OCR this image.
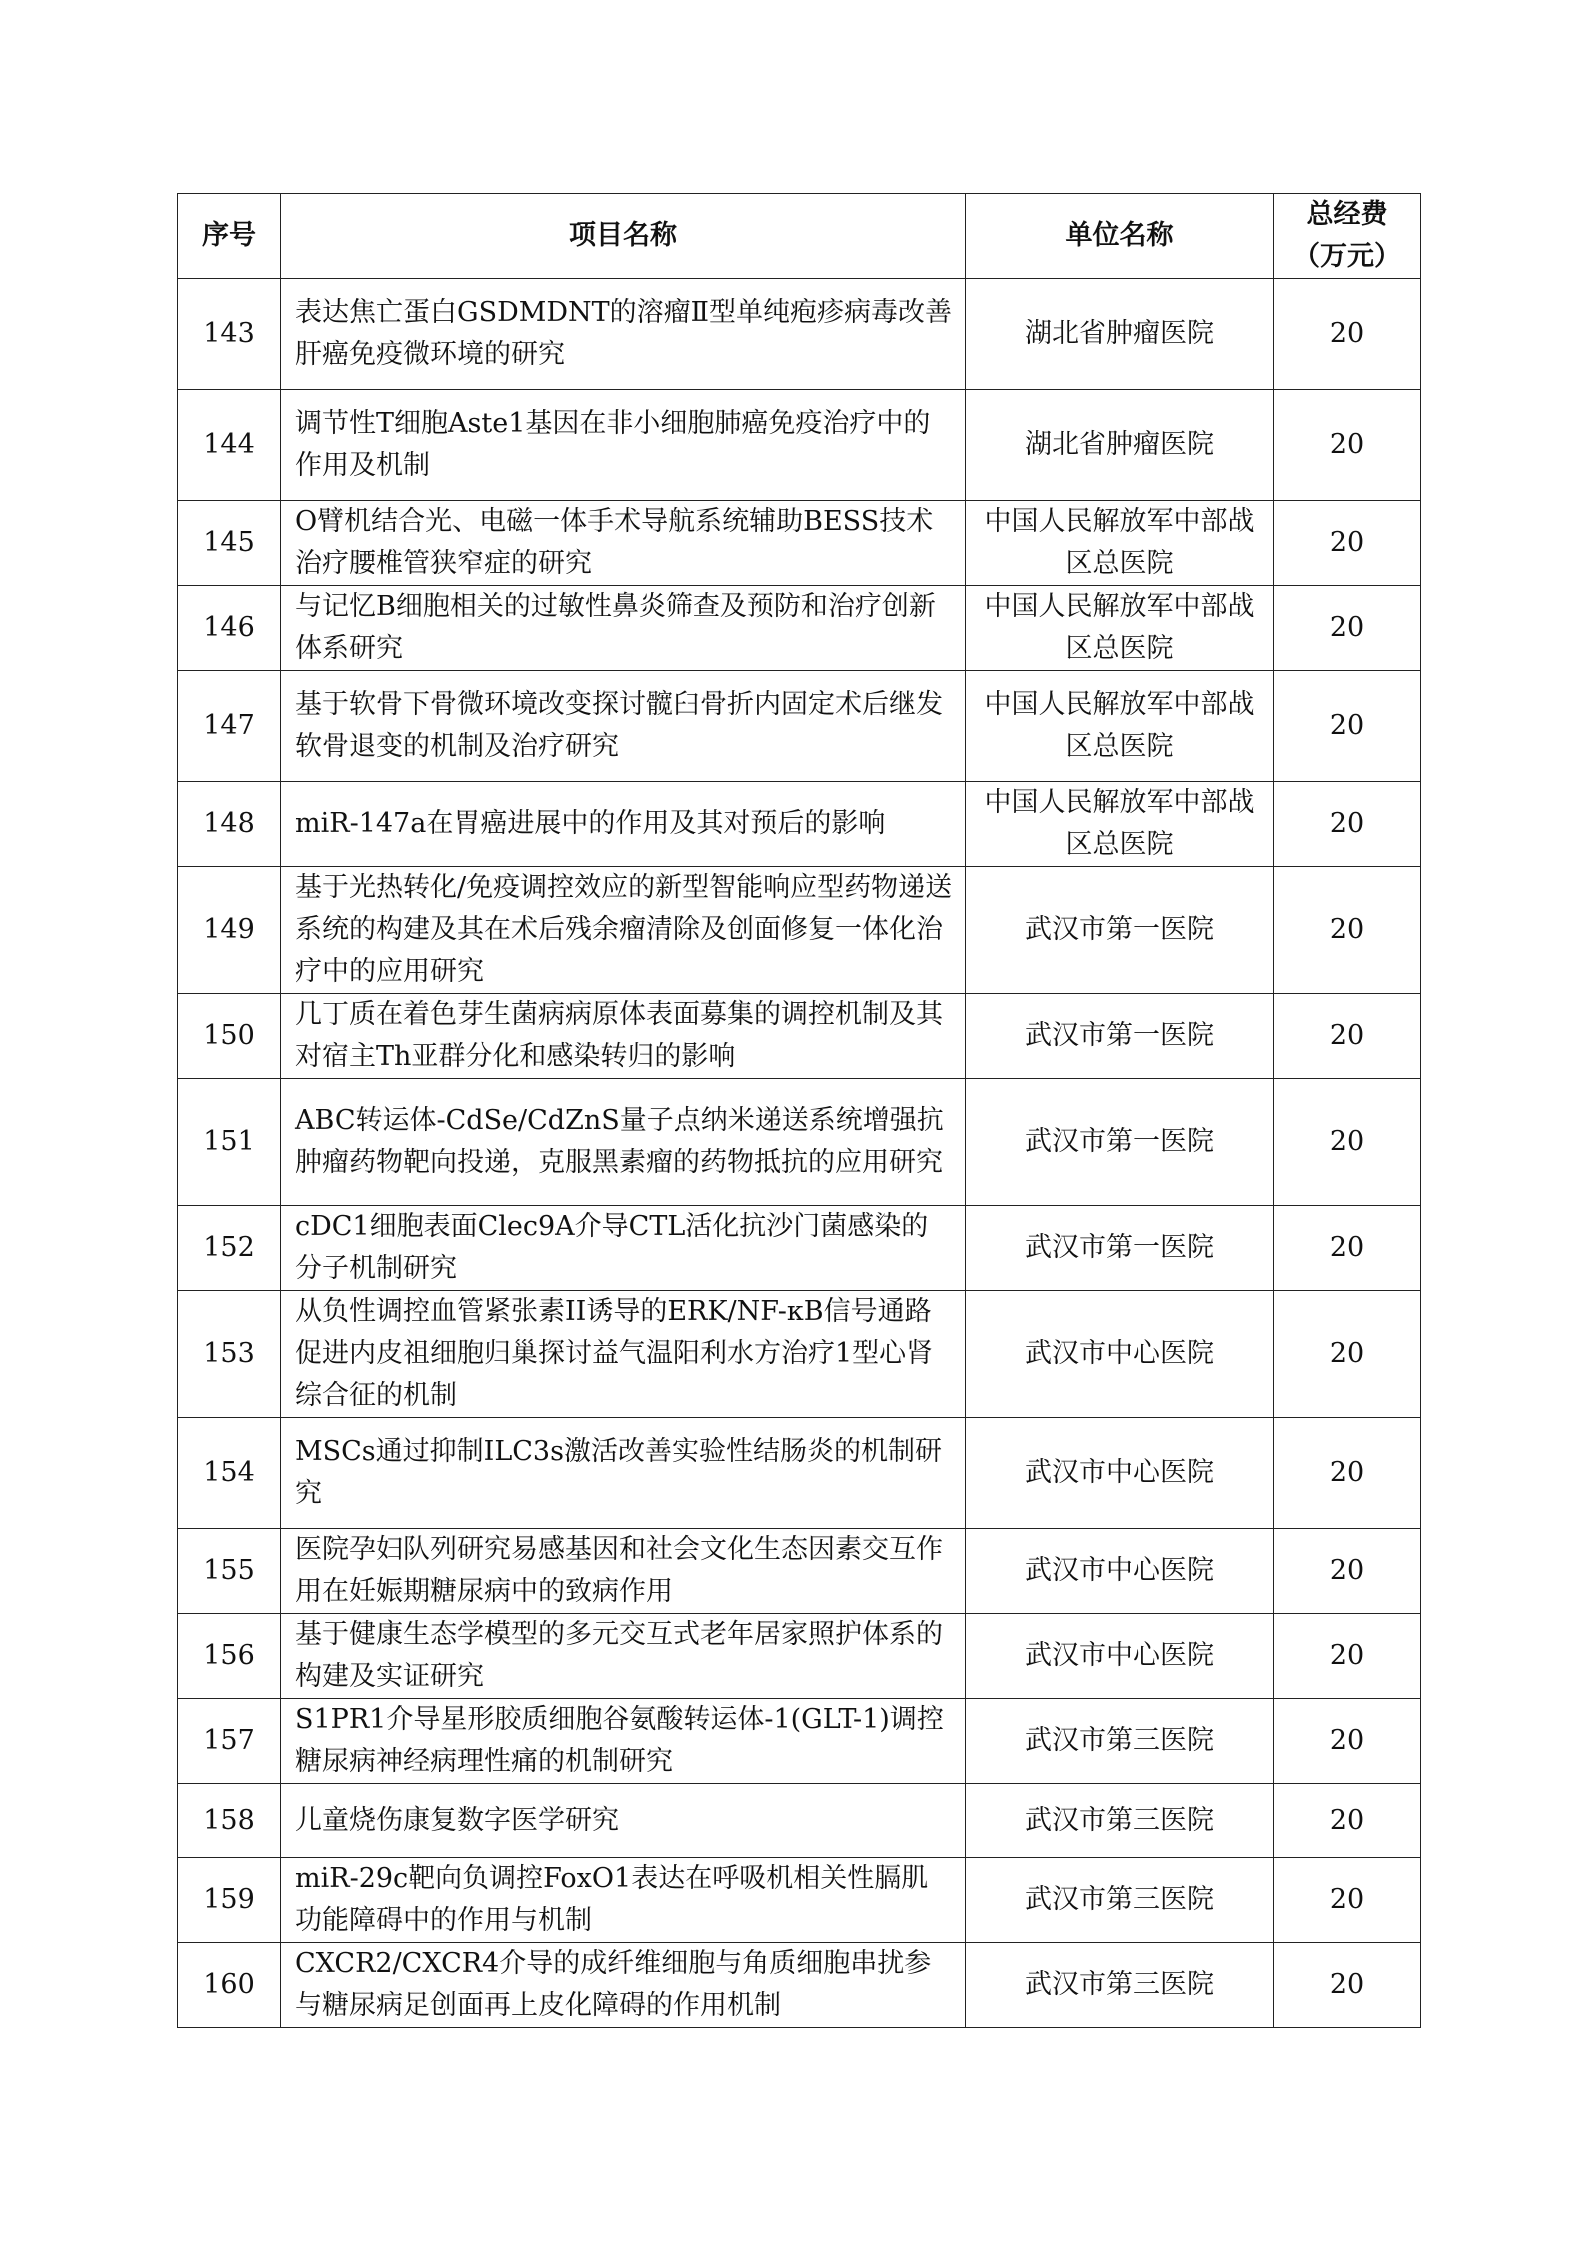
序号	项目名称	单位名称	总经费
（万元）

143	表达焦亡蛋白GSDMDNT的溶瘤Ⅱ型单纯疱疹病毒改善肝癌免疫微环境的研究	湖北省肿瘤医院	20
144	调节性T细胞Aste1基因在非小细胞肺癌免疫治疗中的作用及机制	湖北省肿瘤医院	20
145	O臂机结合光、电磁一体手术导航系统辅助BESS技术治疗腰椎管狭窄症的研究	中国人民解放军中部战区总医院	20
146	与记忆B细胞相关的过敏性鼻炎筛查及预防和治疗创新体系研究	中国人民解放军中部战区总医院	20
147	基于软骨下骨微环境改变探讨髋臼骨折内固定术后继发软骨退变的机制及治疗研究	中国人民解放军中部战区总医院	20
148	miR-147a在胃癌进展中的作用及其对预后的影响	中国人民解放军中部战区总医院	20
149	基于光热转化/免疫调控效应的新型智能响应型药物递送系统的构建及其在术后残余瘤清除及创面修复一体化治疗中的应用研究	武汉市第一医院	20
150	几丁质在着色芽生菌病病原体表面募集的调控机制及其对宿主Th亚群分化和感染转归的影响	武汉市第一医院	20
151	ABC转运体-CdSe/CdZnS量子点纳米递送系统增强抗肿瘤药物靶向投递，克服黑素瘤的药物抵抗的应用研究	武汉市第一医院	20
152	cDC1细胞表面Clec9A介导CTL活化抗沙门菌感染的分子机制研究	武汉市第一医院	20
153	从负性调控血管紧张素II诱导的ERK/NF-κB信号通路促进内皮祖细胞归巢探讨益气温阳利水方治疗1型心肾综合征的机制	武汉市中心医院	20
154	MSCs通过抑制ILC3s激活改善实验性结肠炎的机制研究	武汉市中心医院	20
155	医院孕妇队列研究易感基因和社会文化生态因素交互作用在妊娠期糖尿病中的致病作用	武汉市中心医院	20
156	基于健康生态学模型的多元交互式老年居家照护体系的构建及实证研究	武汉市中心医院	20
157	S1PR1介导星形胶质细胞谷氨酸转运体-1(GLT-1)调控糖尿病神经病理性痛的机制研究	武汉市第三医院	20
158	儿童烧伤康复数字医学研究	武汉市第三医院	20
159	miR-29c靶向负调控FoxO1表达在呼吸机相关性膈肌功能障碍中的作用与机制	武汉市第三医院	20
160	CXCR2/CXCR4介导的成纤维细胞与角质细胞串扰参与糖尿病足创面再上皮化障碍的作用机制	武汉市第三医院	20
